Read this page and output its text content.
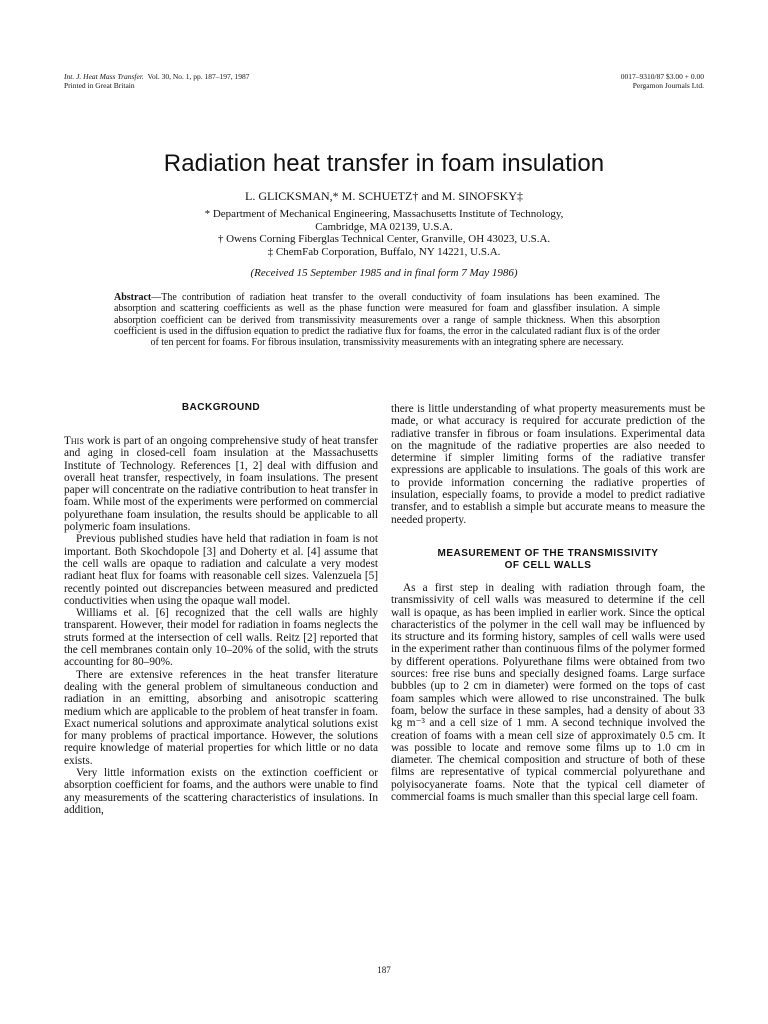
Int. J. Heat Mass Transfer. Vol. 30, No. 1, pp. 187–197, 1987
Printed in Great Britain
0017–9310/87 $3.00 + 0.00
Pergamon Journals Ltd.
Radiation heat transfer in foam insulation
L. GLICKSMAN,* M. SCHUETZ† and M. SINOFSKY‡
* Department of Mechanical Engineering, Massachusetts Institute of Technology,
Cambridge, MA 02139, U.S.A.
† Owens Corning Fiberglas Technical Center, Granville, OH 43023, U.S.A.
‡ ChemFab Corporation, Buffalo, NY 14221, U.S.A.
(Received 15 September 1985 and in final form 7 May 1986)
Abstract—The contribution of radiation heat transfer to the overall conductivity of foam insulations has been examined. The absorption and scattering coefficients as well as the phase function were measured for foam and glassfiber insulation. A simple absorption coefficient can be derived from transmissivity measurements over a range of sample thickness. When this absorption coefficient is used in the diffusion equation to predict the radiative flux for foams, the error in the calculated radiant flux is of the order of ten percent for foams. For fibrous insulation, transmissivity measurements with an integrating sphere are necessary.
BACKGROUND

This work is part of an ongoing comprehensive study of heat transfer and aging in closed-cell foam insulation at the Massachusetts Institute of Technology. References [1, 2] deal with diffusion and overall heat transfer, respectively, in foam insulations. The present paper will concentrate on the radiative contribution to heat transfer in foam. While most of the experiments were performed on commercial polyurethane foam insulation, the results should be applicable to all polymeric foam insulations.

Previous published studies have held that radiation in foam is not important. Both Skochdopole [3] and Doherty et al. [4] assume that the cell walls are opaque to radiation and calculate a very modest radiant heat flux for foams with reasonable cell sizes. Valenzuela [5] recently pointed out discrepancies between measured and predicted conductivities when using the opaque wall model.

Williams et al. [6] recognized that the cell walls are highly transparent. However, their model for radiation in foams neglects the struts formed at the intersection of cell walls. Reitz [2] reported that the cell membranes contain only 10–20% of the solid, with the struts accounting for 80–90%.

There are extensive references in the heat transfer literature dealing with the general problem of simultaneous conduction and radiation in an emitting, absorbing and anisotropic scattering medium which are applicable to the problem of heat transfer in foam. Exact numerical solutions and approximate analytical solutions exist for many problems of practical importance. However, the solutions require knowledge of material properties for which little or no data exists.

Very little information exists on the extinction coefficient or absorption coefficient for foams, and the authors were unable to find any measurements of the scattering characteristics of insulations. In addition,

there is little understanding of what property measurements must be made, or what accuracy is required for accurate prediction of the radiative transfer in fibrous or foam insulations. Experimental data on the magnitude of the radiative properties are also needed to determine if simpler limiting forms of the radiative transfer expressions are applicable to insulations. The goals of this work are to provide information concerning the radiative properties of insulation, especially foams, to provide a model to predict radiative transfer, and to establish a simple but accurate means to measure the needed property.

MEASUREMENT OF THE TRANSMISSIVITY
OF CELL WALLS

As a first step in dealing with radiation through foam, the transmissivity of cell walls was measured to determine if the cell wall is opaque, as has been implied in earlier work. Since the optical characteristics of the polymer in the cell wall may be influenced by its structure and its forming history, samples of cell walls were used in the experiment rather than continuous films of the polymer formed by different operations. Polyurethane films were obtained from two sources: free rise buns and specially designed foams. Large surface bubbles (up to 2 cm in diameter) were formed on the tops of cast foam samples which were allowed to rise unconstrained. The bulk foam, below the surface in these samples, had a density of about 33 kg m⁻³ and a cell size of 1 mm. A second technique involved the creation of foams with a mean cell size of approximately 0.5 cm. It was possible to locate and remove some films up to 1.0 cm in diameter. The chemical composition and structure of both of these films are representative of typical commercial polyurethane and polyisocyanerate foams. Note that the typical cell diameter of commercial foams is much smaller than this special large cell foam.

187
